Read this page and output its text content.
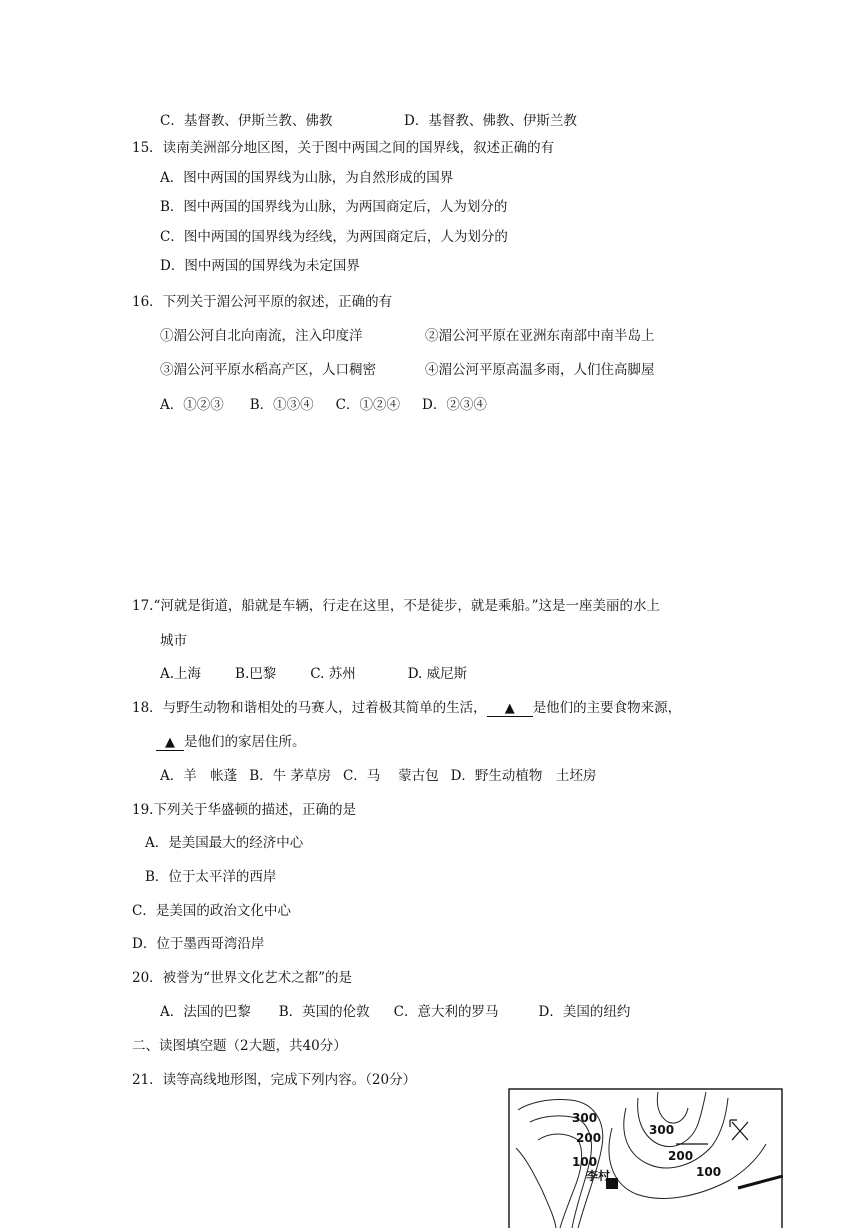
C．基督教、伊斯兰教、佛教	D．基督教、佛教、伊斯兰教
15．读南美洲部分地区图，关于图中两国之间的国界线，叙述正确的有
A．图中两国的国界线为山脉，为自然形成的国界
B．图中两国的国界线为山脉，为两国商定后，人为划分的
C．图中两国的国界线为经线，为两国商定后，人为划分的
D．图中两国的国界线为未定国界
16．下列关于湄公河平原的叙述，正确的有
①湄公河自北向南流，注入印度洋	②湄公河平原在亚洲东南部中南半岛上
③湄公河平原水稻高产区，人口稠密	④湄公河平原高温多雨，人们住高脚屋
A．①②③ B．①③④ C．①②④ D．②③④
17.“河就是街道，船就是车辆，行走在这里，不是徒步，就是乘船。”这是一座美丽的水上
城市
A.上海	B.巴黎	C. 苏州	D. 威尼斯
18．与野生动物和谐相处的马赛人，过着极其简单的生活， ▲ 是他们的主要食物来源，
▲ 是他们的家居住所。
A．羊　帐蓬 B．牛 茅草房 C．马　 蒙古包 D．野生动植物　土坯房
19.下列关于华盛顿的描述，正确的是
A．是美国最大的经济中心
B．位于太平洋的西岸
C．是美国的政治文化中心
D．位于墨西哥湾沿岸
20．被誉为“世界文化艺术之都”的是
A．法国的巴黎 B．英国的伦敦 C．意大利的罗马	D．美国的纽约
二、读图填空题（2大题，共40分）
21．读等高线地形图，完成下列内容。（20分）
300
200
100
300
200
100
李村
